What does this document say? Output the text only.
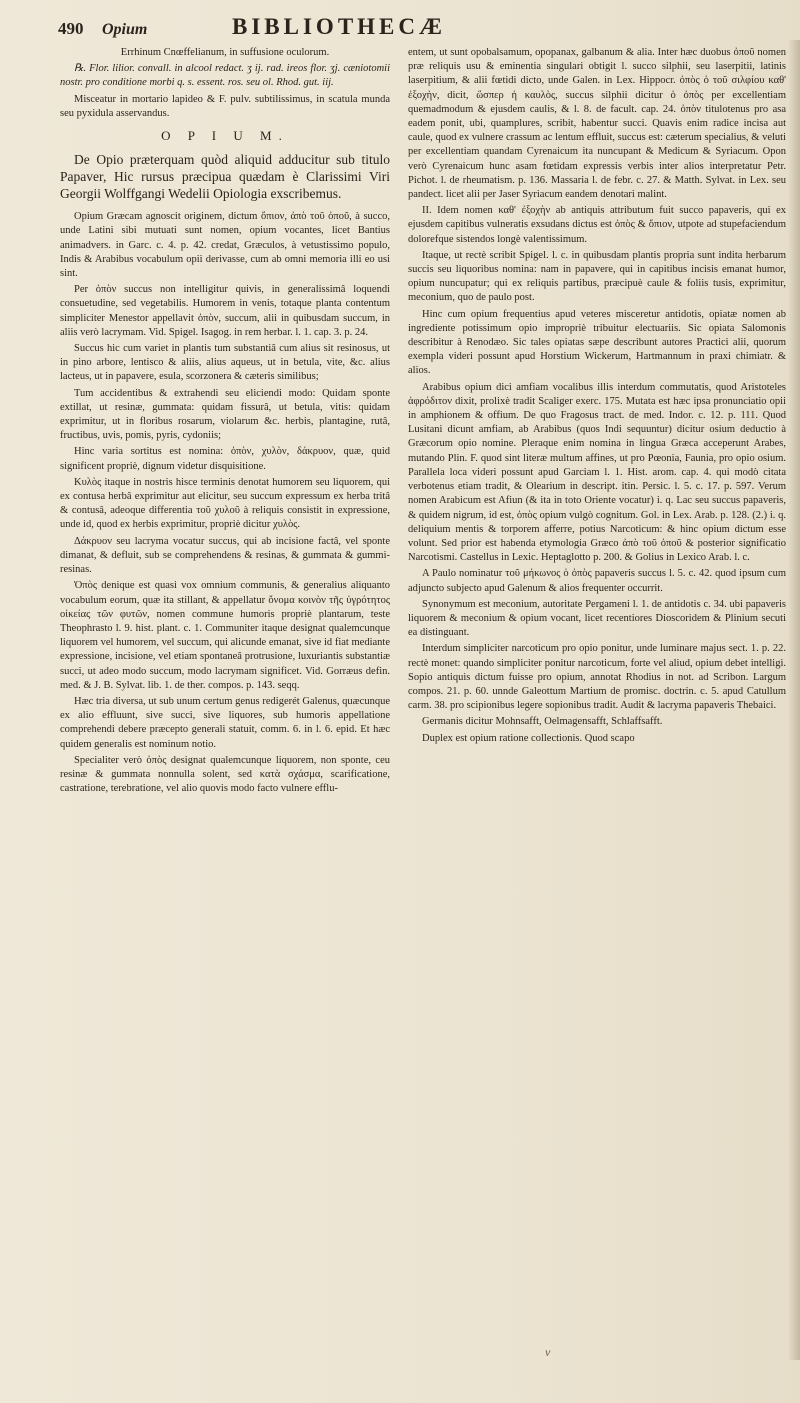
490	Opium	BIBLIOTHECÆ

Errhinum Cnœffelianum, in suffusione oculorum.

℞. Flor. lilior. convall. in alcool redact. ʒ ij. rad. ireos flor. ʒj. cæniotomii nostr. pro conditione morbi q. s. essent. ros. seu ol. Rhod. gut. iij.

Misceatur in mortario lapideo & F. pulv. subtilissimus, in scatula munda seu pyxidula asservandus.

O P I U M.

De Opio præterquam quòd aliquid adducitur sub titulo Papaver, Hic rursus præcipua quædam è Clarissimi Viri Georgii Wolffgangi Wedelii Opiologia exscribemus.

Opium Græcam agnoscit originem, dictum ὄπιον, ἀπὸ τοῦ ὀποῦ, à succo, unde Latini sibi mutuati sunt nomen, opium vocantes, licet Bantius animadvers. in Garc. c. 4. p. 42. credat, Græculos, à vetustissimo populo, Indis & Arabibus vocabulum opii derivasse, cum ab omni memoria illi eo usi sint.

Per ὀπὸν succus non intelligitur quivis, in generalissimâ loquendi consuetudine, sed vegetabilis. Humorem in venis, totaque planta contentum simpliciter Menestor appellavit ὀπὸν, succum, alii in quibusdam succum, in aliis verò lacrymam. Vid. Spigel. Isagog. in rem herbar. l. 1. cap. 3. p. 24.

Succus hic cum variet in plantis tum substantiâ cum alius sit resinosus, ut in pino arbore, lentisco & aliis, alius aqueus, ut in betula, vite, &c. alius lacteus, ut in papavere, esula, scorzonera & cæteris similibus;

Tum accidentibus & extrahendi seu eliciendi modo: Quidam sponte extillat, ut resinæ, gummata: quidam fissurâ, ut betula, vitis: quidam exprimitur, ut in floribus rosarum, violarum &c. herbis, plantagine, rutâ, fructibus, uvis, pomis, pyris, cydoniis;

Hinc varia sortitus est nomina: ὀπὸν, χυλὸν, δάκρυον, quæ, quid significent propriè, dignum videtur disquisitione.

Κυλὸς itaque in nostris hisce terminis denotat humorem seu liquorem, qui ex contusa herbâ exprimitur aut elicitur, seu succum expressum ex herba tritâ & contusâ, adeoque differentia τοῦ χυλοῦ à reliquis consistit in expressione, unde id, quod ex herbis exprimitur, propriè dicitur χυλὸς.

Δάκρυον seu lacryma vocatur succus, qui ab incisione factâ, vel sponte dimanat, & defluit, sub se comprehendens & resinas, & gummata & gummi-resinas.

Ὀπὸς denique est quasi vox omnium communis, & generalius aliquanto vocabulum eorum, quæ ita stillant, & appellatur ὄνομα κοινὸν τῆς ὑγρότητος οἰκείας τῶν φυτῶν, nomen commune humoris propriè plantarum, teste Theophrasto l. 9. hist. plant. c. 1. Communiter itaque designat qualemcunque liquorem vel humorem, vel succum, qui alicunde emanat, sive id fiat mediante expressione, incisione, vel etiam spontaneâ protrusione, luxuriantis substantiæ succi, ut adeo modo succum, modo lacrymam significet. Vid. Gorræus defin. med. & J. B. Sylvat. lib. 1. de ther. compos. p. 143. seqq.

Hæc tria diversa, ut sub unum certum genus redigerét Galenus, quæcunque ex alio effluunt, sive succi, sive liquores, sub humoris appellatione comprehendi debere præcepto generali statuit, comm. 6. in l. 6. epid. Et hæc quidem generalis est nominum notio.

Specialiter verò ὀπὸς designat qualemcunque liquorem, non sponte, ceu resinæ & gummata nonnulla solent, sed κατὰ σχάσμα, scarificatione, castratione, terebratione, vel alio quovis modo facto vulnere efflu-

entem, ut sunt opobalsamum, opopanax, galbanum & alia. Inter hæc duobus ὀποῦ nomen præ reliquis usu & eminentia singulari obtigit l. succo silphii, seu laserpitii, latinis laserpitium, & alii fœtidi dicto, unde Galen. in Lex. Hippocr. ὀπὸς ὁ τοῦ σιλφίου καθ' ἐξοχὴν, dicit, ὥσπερ ἡ καυλὸς, succus silphii dicitur ὁ ὀπὸς per excellentiam quemadmodum & ejusdem caulis, & l. 8. de facult. cap. 24. ὀπὸν titulotenus pro asa eadem ponit, ubi, quamplures, scribit, habentur succi. Quavis enim radice incisa aut caule, quod ex vulnere crassum ac lentum effluit, succus est: cæterum specialius, & veluti per excellentiam quandam Cyrenaicum ita nuncupant & Medicum & Syriacum. Opon verò Cyrenaicum hunc asam fœtidam expressis verbis inter alios interpretatur Petr. Pichot. l. de rheumatism. p. 136. Massaria l. de febr. c. 27. & Matth. Sylvat. in Lex. seu pandect. licet alii per Jaser Syriacum eandem denotari malint.

II. Idem nomen καθ' ἐξοχὴν ab antiquis attributum fuit succo papaveris, qui ex ejusdem capitibus vulneratis exsudans dictus est ὀπὸς & ὄπιον, utpote ad stupefaciendum dolorefque sistendos longè valentissimum.

Itaque, ut rectè scribit Spigel. l. c. in quibusdam plantis propria sunt indita herbarum succis seu liquoribus nomina: nam in papavere, qui in capitibus incisis emanat humor, opium nuncupatur; qui ex reliquis partibus, præcipuè caule & foliis tusis, exprimitur, meconium, quo de paulo post.

Hinc cum opium frequentius apud veteres misceretur antidotis, opiatæ nomen ab ingrediente potissimum opio impropriè tribuitur electuariis. Sic opiata Salomonis describitur à Renodæo. Sic tales opiatas sæpe describunt autores Practici alii, quorum exempla videri possunt apud Horstium Wickerum, Hartmannum in praxi chimiatr. & alios.

Arabibus opium dici amfiam vocalibus illis interdum commutatis, quod Aristoteles ἀφρόδιτον dixit, prolixè tradit Scaliger exerc. 175. Mutata est hæc ipsa pronunciatio opii in amphionem & offium. De quo Fragosus tract. de med. Indor. c. 12. p. 111. Quod Lusitani dicunt amfiam, ab Arabibus (quos Indi sequuntur) dicitur osium deductio à Græcorum opio nomine. Pleraque enim nomina in lingua Græca acceperunt Arabes, mutando Plin. F. quod sint literæ multum affines, ut pro Pœonia, Faunia, pro opio osium. Parallela loca videri possunt apud Garciam l. 1. Hist. arom. cap. 4. qui modò citata verbotenus etiam tradit, & Olearium in descript. itin. Persic. l. 5. c. 17. p. 597. Verum nomen Arabicum est Afiun (& ita in toto Oriente vocatur) i. q. Lac seu succus papaveris, & quidem nigrum, id est, ὀπὸς opium vulgò cognitum. Gol. in Lex. Arab. p. 128. (2.) i. q. deliquium mentis & torporem afferre, potius Narcoticum: & hinc opium dictum esse volunt. Sed prior est habenda etymologia Græco ἀπὸ τοῦ ὀποῦ & posterior significatio Narcotismi. Castellus in Lexic. Heptaglotto p. 200. & Golius in Lexico Arab. l. c.

A Paulo nominatur τοῦ μήκωνος ὁ ὀπὸς papaveris succus l. 5. c. 42. quod ipsum cum adjuncto subjecto apud Galenum & alios frequenter occurrit.

Synonymum est meconium, autoritate Pergameni l. 1. de antidotis c. 34. ubi papaveris liquorem & meconium & opium vocant, licet recentiores Dioscoridem & Plinium secuti ea distinguant.

Interdum simpliciter narcoticum pro opio ponitur, unde luminare majus sect. 1. p. 22. rectè monet: quando simpliciter ponitur narcoticum, forte vel aliud, opium debet intelligi. Sopio antiquis dictum fuisse pro opium, annotat Rhodius in not. ad Scribon. Largum compos. 21. p. 60. unnde Galeottum Martium de promisc. doctrin. c. 5. apud Catullum carm. 38. pro scipionibus legere sopionibus tradit. Audit & lacryma papaveris Thebaici.

Germanis dicitur Mohnsafft, Oelmagensafft, Schlaffsafft.

Duplex est opium ratione collectionis. Quod scapo

v
